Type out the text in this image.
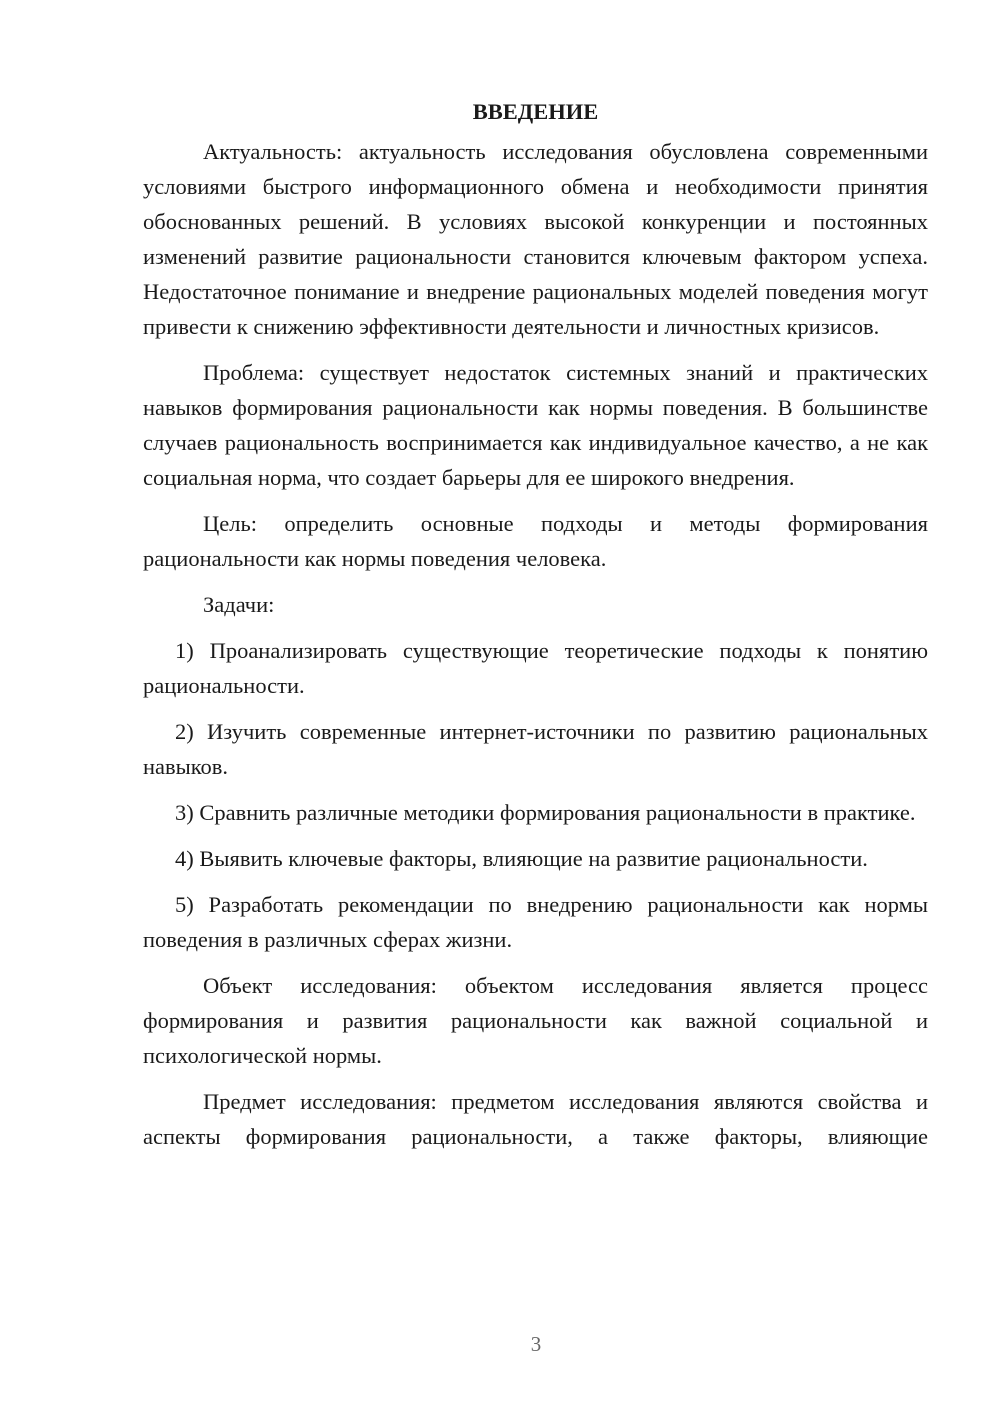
ВВЕДЕНИЕ

Актуальность: актуальность исследования обусловлена современными условиями быстрого информационного обмена и необходимости принятия обоснованных решений. В условиях высокой конкуренции и постоянных изменений развитие рациональности становится ключевым фактором успеха. Недостаточное понимание и внедрение рациональных моделей поведения могут привести к снижению эффективности деятельности и личностных кризисов.

Проблема: существует недостаток системных знаний и практических навыков формирования рациональности как нормы поведения. В большинстве случаев рациональность воспринимается как индивидуальное качество, а не как социальная норма, что создает барьеры для ее широкого внедрения.

Цель: определить основные подходы и методы формирования рациональности как нормы поведения человека.

Задачи:

1) Проанализировать существующие теоретические подходы к понятию рациональности.

2) Изучить современные интернет-источники по развитию рациональных навыков.

3) Сравнить различные методики формирования рациональности в практике.

4) Выявить ключевые факторы, влияющие на развитие рациональности.

5) Разработать рекомендации по внедрению рациональности как нормы поведения в различных сферах жизни.

Объект исследования: объектом исследования является процесс формирования и развития рациональности как важной социальной и психологической нормы.

Предмет исследования: предметом исследования являются свойства и аспекты формирования рациональности, а также факторы, влияющие

3
